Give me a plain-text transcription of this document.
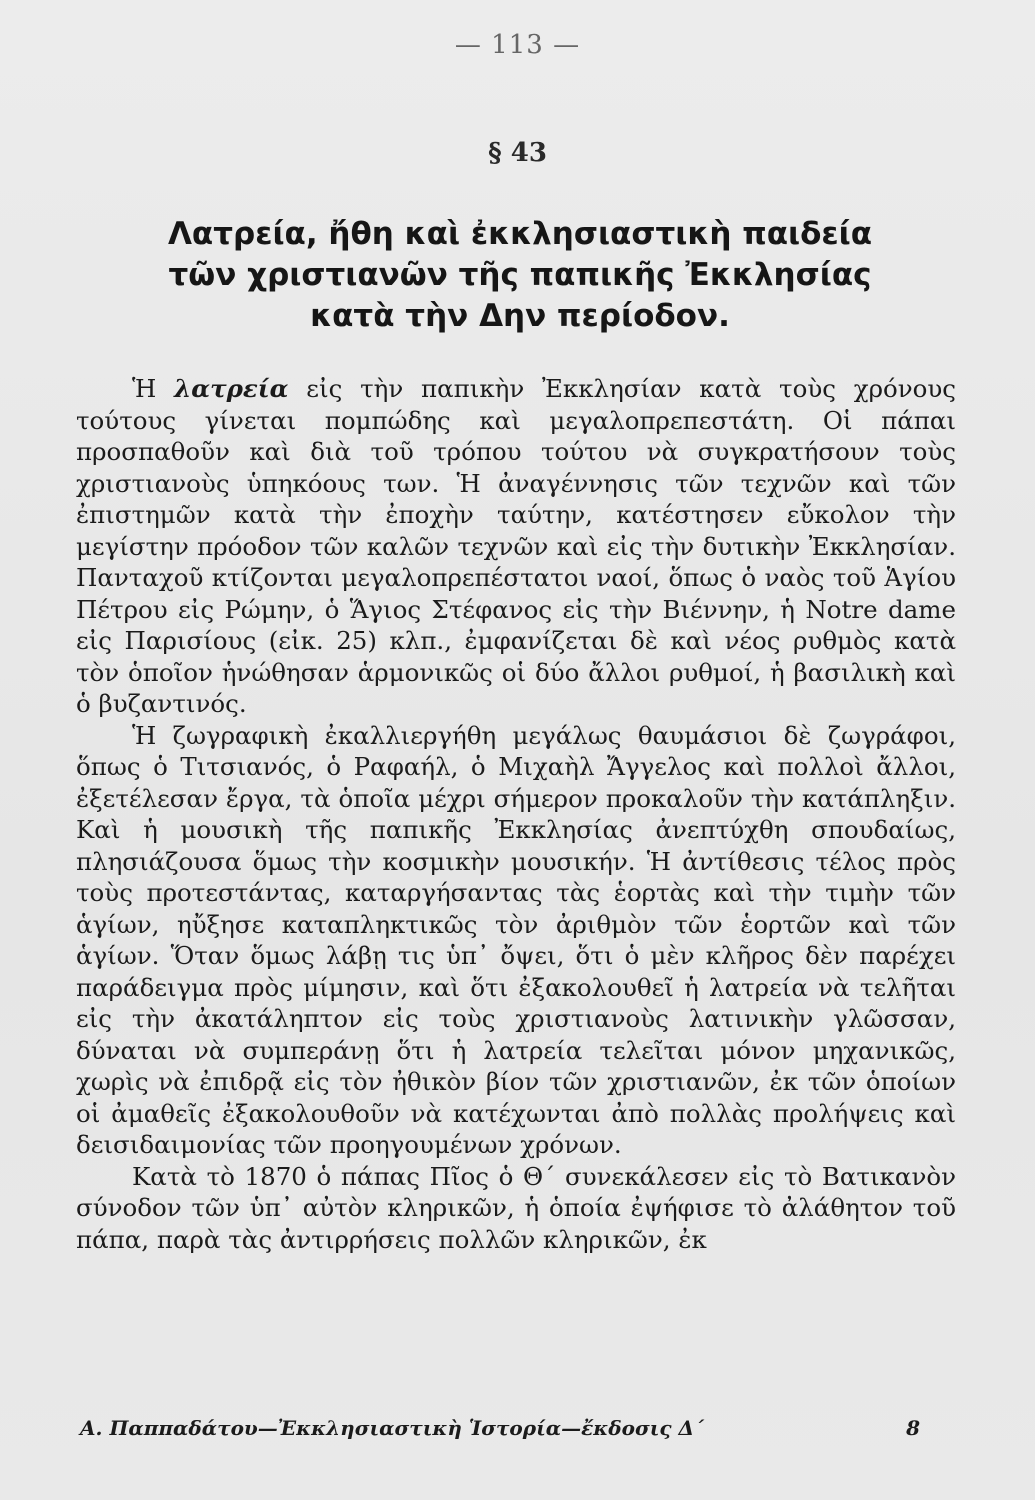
— 113 —
§ 43
Λατρεία, ἤθη καὶ ἐκκλησιαστικὴ παιδεία
τῶν χριστιανῶν τῆς παπικῆς Ἐκκλησίας
κατὰ τὴν Δην περίοδον.

Ἡ λατρεία εἰς τὴν παπικὴν Ἐκκλησίαν κατὰ τοὺς χρόνους τούτους γίνεται πομπώδης καὶ μεγαλοπρεπεστάτη. Οἱ πάπαι προσπαθοῦν καὶ διὰ τοῦ τρόπου τούτου νὰ συγκρατήσουν τοὺς χριστιανοὺς ὑπηκόους των. Ἡ ἀναγέννησις τῶν τεχνῶν καὶ τῶν ἐπιστημῶν κατὰ τὴν ἐποχὴν ταύτην, κατέστησεν εὔκολον τὴν μεγίστην πρόοδον τῶν καλῶν τεχνῶν καὶ εἰς τὴν δυτικὴν Ἐκκλησίαν. Πανταχοῦ κτίζονται μεγαλοπρεπέστατοι ναοί, ὅπως ὁ ναὸς τοῦ Ἁγίου Πέτρου εἰς Ρώμην, ὁ Ἅγιος Στέφανος εἰς τὴν Βιέννην, ἡ Notre dame εἰς Παρισίους (εἰκ. 25) κλπ., ἐμφανίζεται δὲ καὶ νέος ρυθμὸς κατὰ τὸν ὁποῖον ἡνώθησαν ἁρμονικῶς οἱ δύο ἄλλοι ρυθμοί, ἡ βασιλικὴ καὶ ὁ βυζαντινός.

Ἡ ζωγραφικὴ ἐκαλλιεργήθη μεγάλως θαυμάσιοι δὲ ζωγράφοι, ὅπως ὁ Τιτσιανός, ὁ Ραφαήλ, ὁ Μιχαὴλ Ἄγγελος καὶ πολλοὶ ἄλλοι, ἐξετέλεσαν ἔργα, τὰ ὁποῖα μέχρι σήμερον προκαλοῦν τὴν κατάπληξιν. Καὶ ἡ μουσικὴ τῆς παπικῆς Ἐκκλησίας ἀνεπτύχθη σπουδαίως, πλησιάζουσα ὅμως τὴν κοσμικὴν μουσικήν. Ἡ ἀντίθεσις τέλος πρὸς τοὺς προτεστάντας, καταργήσαντας τὰς ἑορτὰς καὶ τὴν τιμὴν τῶν ἁγίων, ηὔξησε καταπληκτικῶς τὸν ἀριθμὸν τῶν ἑορτῶν καὶ τῶν ἁγίων. Ὅταν ὅμως λάβῃ τις ὑπ᾽ ὄψει, ὅτι ὁ μὲν κλῆρος δὲν παρέχει παράδειγμα πρὸς μίμησιν, καὶ ὅτι ἐξακολουθεῖ ἡ λατρεία νὰ τελῆται εἰς τὴν ἀκατάληπτον εἰς τοὺς χριστιανοὺς λατινικὴν γλῶσσαν, δύναται νὰ συμπεράνῃ ὅτι ἡ λατρεία τελεῖται μόνον μηχανικῶς, χωρὶς νὰ ἐπιδρᾷ εἰς τὸν ἠθικὸν βίον τῶν χριστιανῶν, ἐκ τῶν ὁποίων οἱ ἀμαθεῖς ἐξακολουθοῦν νὰ κατέχωνται ἀπὸ πολλὰς προλήψεις καὶ δεισιδαιμονίας τῶν προηγουμένων χρόνων.

Κατὰ τὸ 1870 ὁ πάπας Πῖος ὁ Θ´ συνεκάλεσεν εἰς τὸ Βατικανὸν σύνοδον τῶν ὑπ᾽ αὐτὸν κληρικῶν, ἡ ὁποία ἐψήφισε τὸ ἀλάθητον τοῦ πάπα, παρὰ τὰς ἀντιρρήσεις πολλῶν κληρικῶν, ἐκ

Α. Παππαδάτου—Ἐκκλησιαστικὴ Ἱστορία—ἔκδοσις Δ´	8
